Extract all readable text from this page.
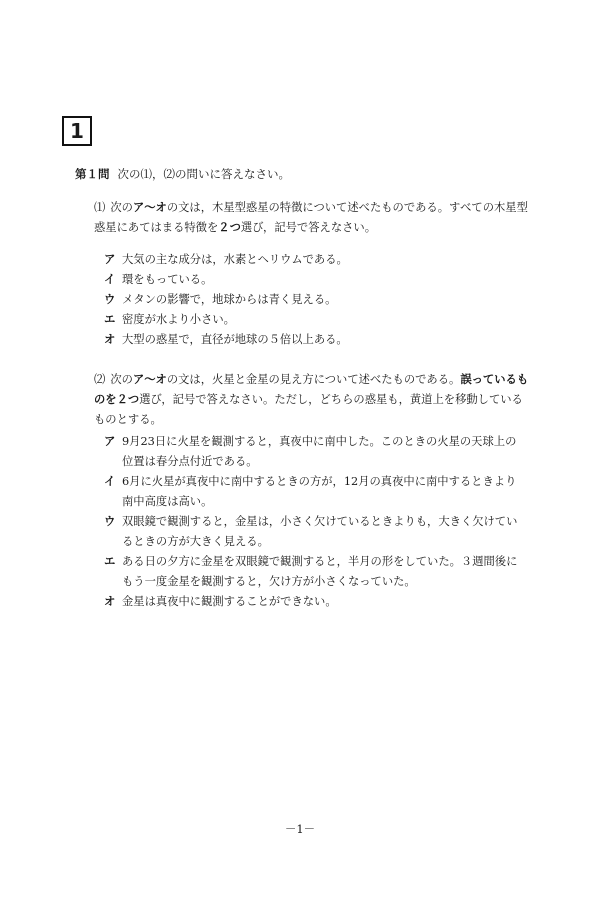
1
第１問 次の⑴，⑵の問いに答えなさい。
⑴ 次のア～オの文は，木星型惑星の特徴について述べたものである。すべての木星型惑星にあてはまる特徴を２つ選び，記号で答えなさい。
ア 大気の主な成分は，水素とヘリウムである。
イ 環をもっている。
ウ メタンの影響で，地球からは青く見える。
エ 密度が水より小さい。
オ 大型の惑星で，直径が地球の５倍以上ある。
⑵ 次のア～オの文は，火星と金星の見え方について述べたものである。誤っているものを２つ選び，記号で答えなさい。ただし，どちらの惑星も，黄道上を移動しているものとする。
ア 9月23日に火星を観測すると，真夜中に南中した。このときの火星の天球上の位置は春分点付近である。
イ 6月に火星が真夜中に南中するときの方が，12月の真夜中に南中するときより南中高度は高い。
ウ 双眼鏡で観測すると，金星は，小さく欠けているときよりも，大きく欠けているときの方が大きく見える。
エ ある日の夕方に金星を双眼鏡で観測すると，半月の形をしていた。３週間後にもう一度金星を観測すると，欠け方が小さくなっていた。
オ 金星は真夜中に観測することができない。
－1－
